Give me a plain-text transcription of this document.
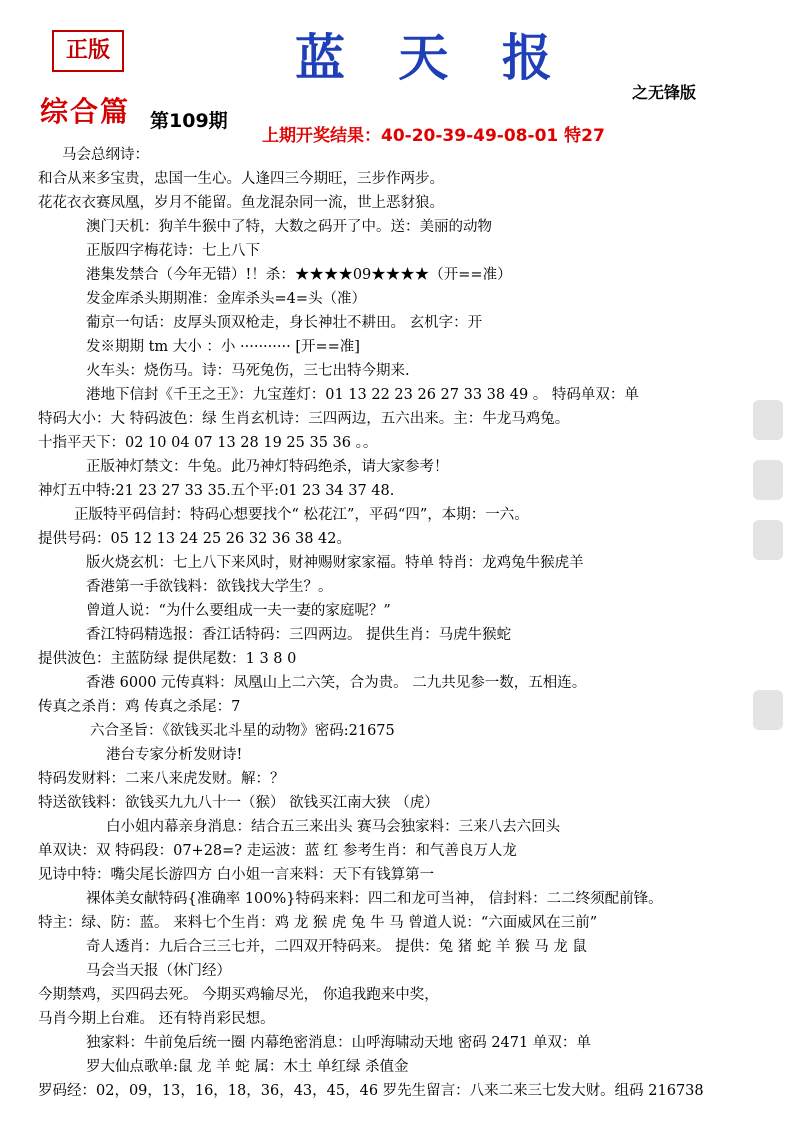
正版	蓝 天 报
之无锋版
综合篇 第109期
上期开奖结果：40-20-39-49-08-01 特27
马会总纲诗：
和合从来多宝贵，忠国一生心。人逢四三今期旺，三步作两步。
花花衣衣赛凤凰，岁月不能留。鱼龙混杂同一流，世上恶豺狼。
澳门天机：狗羊牛猴中了特，大数之码开了中。送：美丽的动物
正版四字梅花诗：七上八下
港集发禁合（今年无错）!！杀：★★★★09★★★★（开==准）
发金库杀头期期准：金库杀头=4=头（准）
葡京一句话：皮厚头顶双枪走，身长神壮不耕田。 玄机字：开
发※期期 tm 大小 ：小 ··········· [开==准]
火车头：烧伤马。诗：马死兔伤，三七出特今期来.
港地下信封《千王之王》：九宝莲灯：01 13 22 23 26 27 33 38 49 。 特码单双：单
特码大小：大 特码波色：绿 生肖玄机诗：三四两边，五六出来。主：牛龙马鸡兔。
十指平天下：02 10 04 07 13 28 19 25 35 36 。。
正版神灯禁文：牛兔。此乃神灯特码绝杀，请大家参考！
神灯五中特:21 23 27 33 35.五个平:01 23 34 37 48.
正版特平码信封：特码心想要找个“ 松花江”，平码“四”，本期：一六。
提供号码：05 12 13 24 25 26 32 36 38 42。
版火烧玄机：七上八下来风时，财神赐财家家福。特单 特肖：龙鸡兔牛猴虎羊
香港第一手欲钱料：欲钱找大学生？。
曾道人说：“为什么要组成一夫一妻的家庭呢？”
香江特码精选报：香江话特码：三四两边。 提供生肖：马虎牛猴蛇
提供波色：主蓝防绿 提供尾数：1 3 8 0
香港 6000 元传真料：凤凰山上二六笑，合为贵。 二九共见参一数，五相连。
传真之杀肖：鸡 传真之杀尾：7
六合圣旨：《欲钱买北斗星的动物》密码:21675
港台专家分析发财诗!
特码发财料：二来八来虎发财。解：？
特送欲钱料：欲钱买九九八十一（猴） 欲钱买江南大狭 （虎）
白小姐内幕亲身消息：结合五三来出头 赛马会独家料：三来八去六回头
单双诀：双 特码段：07+28=? 走运波：蓝 红 参考生肖：和气善良万人龙
见诗中特：嘴尖尾长游四方 白小姐一言来料：天下有钱算第一
裸体美女献特码{准确率 100%}特码来料：四二和龙可当神， 信封料：二二终须配前锋。
特主：绿、防：蓝。 来料七个生肖：鸡 龙 猴 虎 兔 牛 马 曾道人说：“六面威风在三前”
奇人透肖：九后合三三七并，二四双开特码来。 提供：兔 猪 蛇 羊 猴 马 龙 鼠
马会当天报（休门经）
今期禁鸡，买四码去死。 今期买鸡输尽光， 你追我跑来中奖，
马肖今期上台难。 还有特肖彩民想。
独家料：牛前兔后统一圈 内幕绝密消息：山呼海啸动天地 密码 2471 单双：单
罗大仙点歌单:鼠 龙 羊 蛇 属：木土 单红绿 杀值金
罗码经：02，09，13，16，18，36，43，45，46 罗先生留言：八来二来三七发大财。组码 216738
